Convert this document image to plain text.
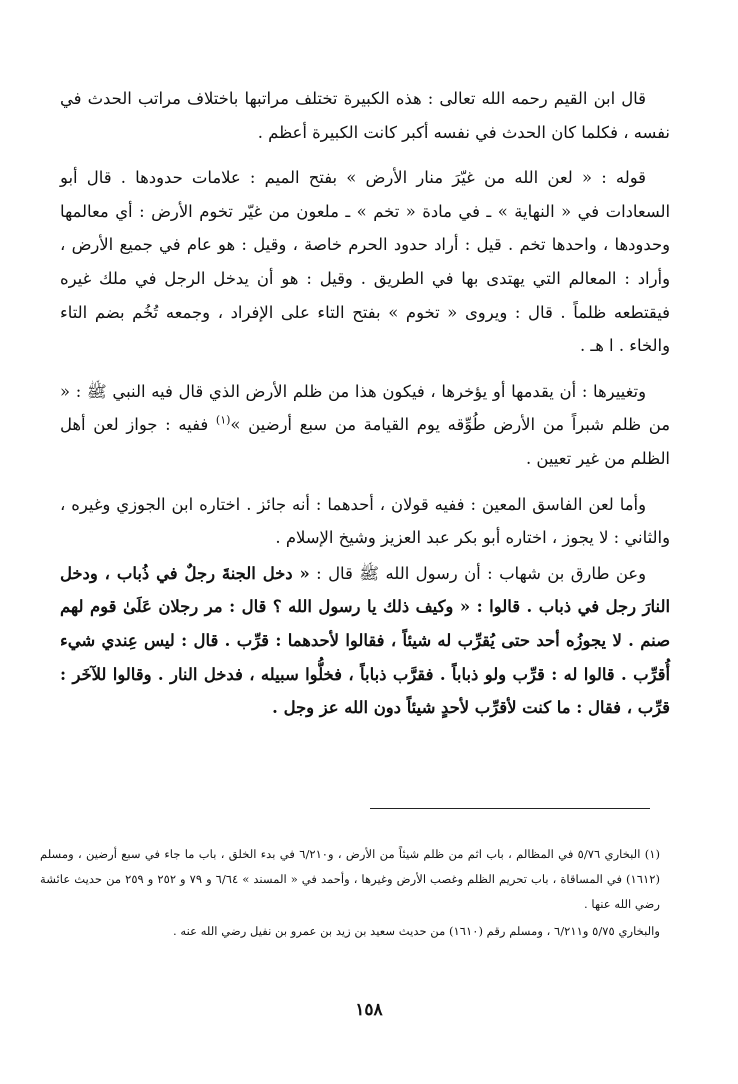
قال ابن القيم رحمه الله تعالى : هذه الكبيرة تختلف مراتبها باختلاف مراتب الحدث في نفسه ، فكلما كان الحدث في نفسه أكبر كانت الكبيرة أعظم .

قوله : « لعن الله من غيّرَ منار الأرض » بفتح الميم : علامات حدودها . قال أبو السعادات في « النهاية » ـ في مادة « تخم » ـ ملعون من غيّر تخوم الأرض : أي معالمها وحدودها ، واحدها تخم . قيل : أراد حدود الحرم خاصة ، وقيل : هو عام في جميع الأرض ، وأراد : المعالم التي يهتدى بها في الطريق . وقيل : هو أن يدخل الرجل في ملك غيره فيقتطعه ظلماً . قال : ويروى « تخوم » بفتح التاء على الإفراد ، وجمعه تُخُم بضم التاء والخاء . ا هـ .

وتغييرها : أن يقدمها أو يؤخرها ، فيكون هذا من ظلم الأرض الذي قال فيه النبي ﷺ : « من ظلم شبراً من الأرض طُوِّقه يوم القيامة من سبع أرضين »$^{(١)}$ ففيه : جواز لعن أهل الظلم من غير تعيين .

وأما لعن الفاسق المعين : ففيه قولان ، أحدهما : أنه جائز . اختاره ابن الجوزي وغيره ، والثاني : لا يجوز ، اختاره أبو بكر عبد العزيز وشيخ الإسلام .

وعن طارق بن شهاب : أن رسول الله ﷺ قال : « دخل الجنةَ رجلٌ في ذُباب ، ودخل النارَ رجل في ذباب . قالوا : « وكيف ذلك يا رسول الله ؟ قال : مر رجلان عَلَىٰ قوم لهم صنم . لا يجوزُه أحد حتى يُقرِّب له شيئاً ، فقالوا لأحدهما : قرِّب . قال : ليس عِندي شيء أُقرِّب . قالوا له : قرِّب ولو ذباباً . فقرَّب ذباباً ، فخلُّوا سبيله ، فدخل النار . وقالوا للآخَر : قرِّب ، فقال : ما كنت لأقرِّب لأحدٍ شيئاً دون الله عز وجل .

(١) البخاري ٥/٧٦ في المظالم ، باب اثم من ظلم شيئاً من الأرض ، و٦/٢١٠ في بدء الخلق ، باب ما جاء في سبع أرضين ، ومسلم (١٦١٢) في المساقاة ، باب تحريم الظلم وغصب الأرض وغيرها ، وأحمد في « المسند » ٦/٦٤ و ٧٩ و ٢٥٢ و ٢٥٩ من حديث عائشة رضي الله عنها .

والبخاري ٥/٧٥ و٦/٢١١ ، ومسلم رقم (١٦١٠) من حديث سعيد بن زيد بن عمرو بن نفيل رضي الله عنه .

١٥٨
